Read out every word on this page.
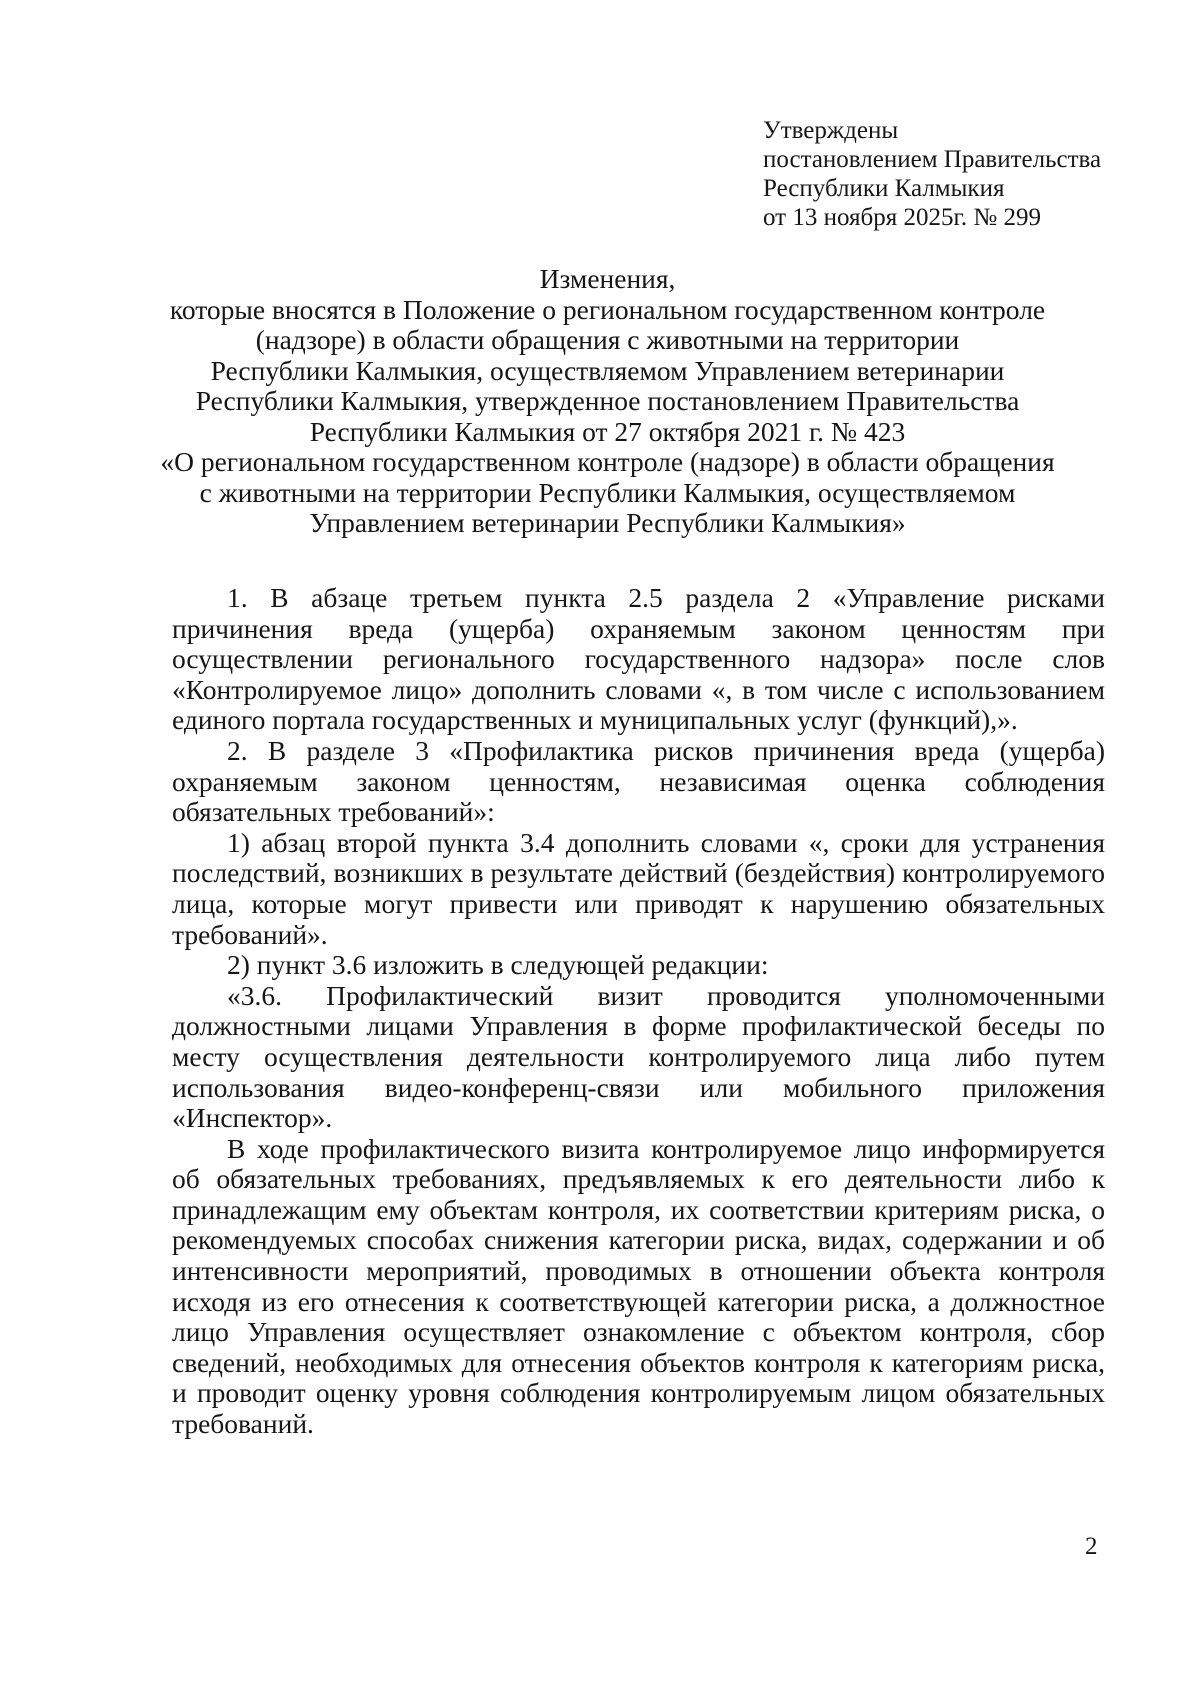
Утверждены
постановлением Правительства
Республики Калмыкия
от 13 ноября 2025г. № 299
Изменения,
которые вносятся в Положение о региональном государственном контроле
(надзоре) в области обращения с животными на территории
Республики Калмыкия, осуществляемом Управлением ветеринарии
Республики Калмыкия, утвержденное постановлением Правительства
Республики Калмыкия от 27 октября 2021 г. № 423
«О региональном государственном контроле (надзоре) в области обращения
с животными на территории Республики Калмыкия, осуществляемом
Управлением ветеринарии Республики Калмыкия»

1. В абзаце третьем пункта 2.5 раздела 2 «Управление рисками причинения вреда (ущерба) охраняемым законом ценностям при осуществлении регионального государственного надзора» после слов «Контролируемое лицо» дополнить словами «, в том числе с использованием единого портала государственных и муниципальных услуг (функций),».

2. В разделе 3 «Профилактика рисков причинения вреда (ущерба) охраняемым законом ценностям, независимая оценка соблюдения обязательных требований»:

1) абзац второй пункта 3.4 дополнить словами «, сроки для устранения последствий, возникших в результате действий (бездействия) контролируемого лица, которые могут привести или приводят к нарушению обязательных требований».

2) пункт 3.6 изложить в следующей редакции:

«3.6. Профилактический визит проводится уполномоченными должностными лицами Управления в форме профилактической беседы по месту осуществления деятельности контролируемого лица либо путем использования видео-конференц-связи или мобильного приложения «Инспектор».

В ходе профилактического визита контролируемое лицо информируется об обязательных требованиях, предъявляемых к его деятельности либо к принадлежащим ему объектам контроля, их соответствии критериям риска, о рекомендуемых способах снижения категории риска, видах, содержании и об интенсивности мероприятий, проводимых в отношении объекта контроля исходя из его отнесения к соответствующей категории риска, а должностное лицо Управления осуществляет ознакомление с объектом контроля, сбор сведений, необходимых для отнесения объектов контроля к категориям риска, и проводит оценку уровня соблюдения контролируемым лицом обязательных требований.

2
